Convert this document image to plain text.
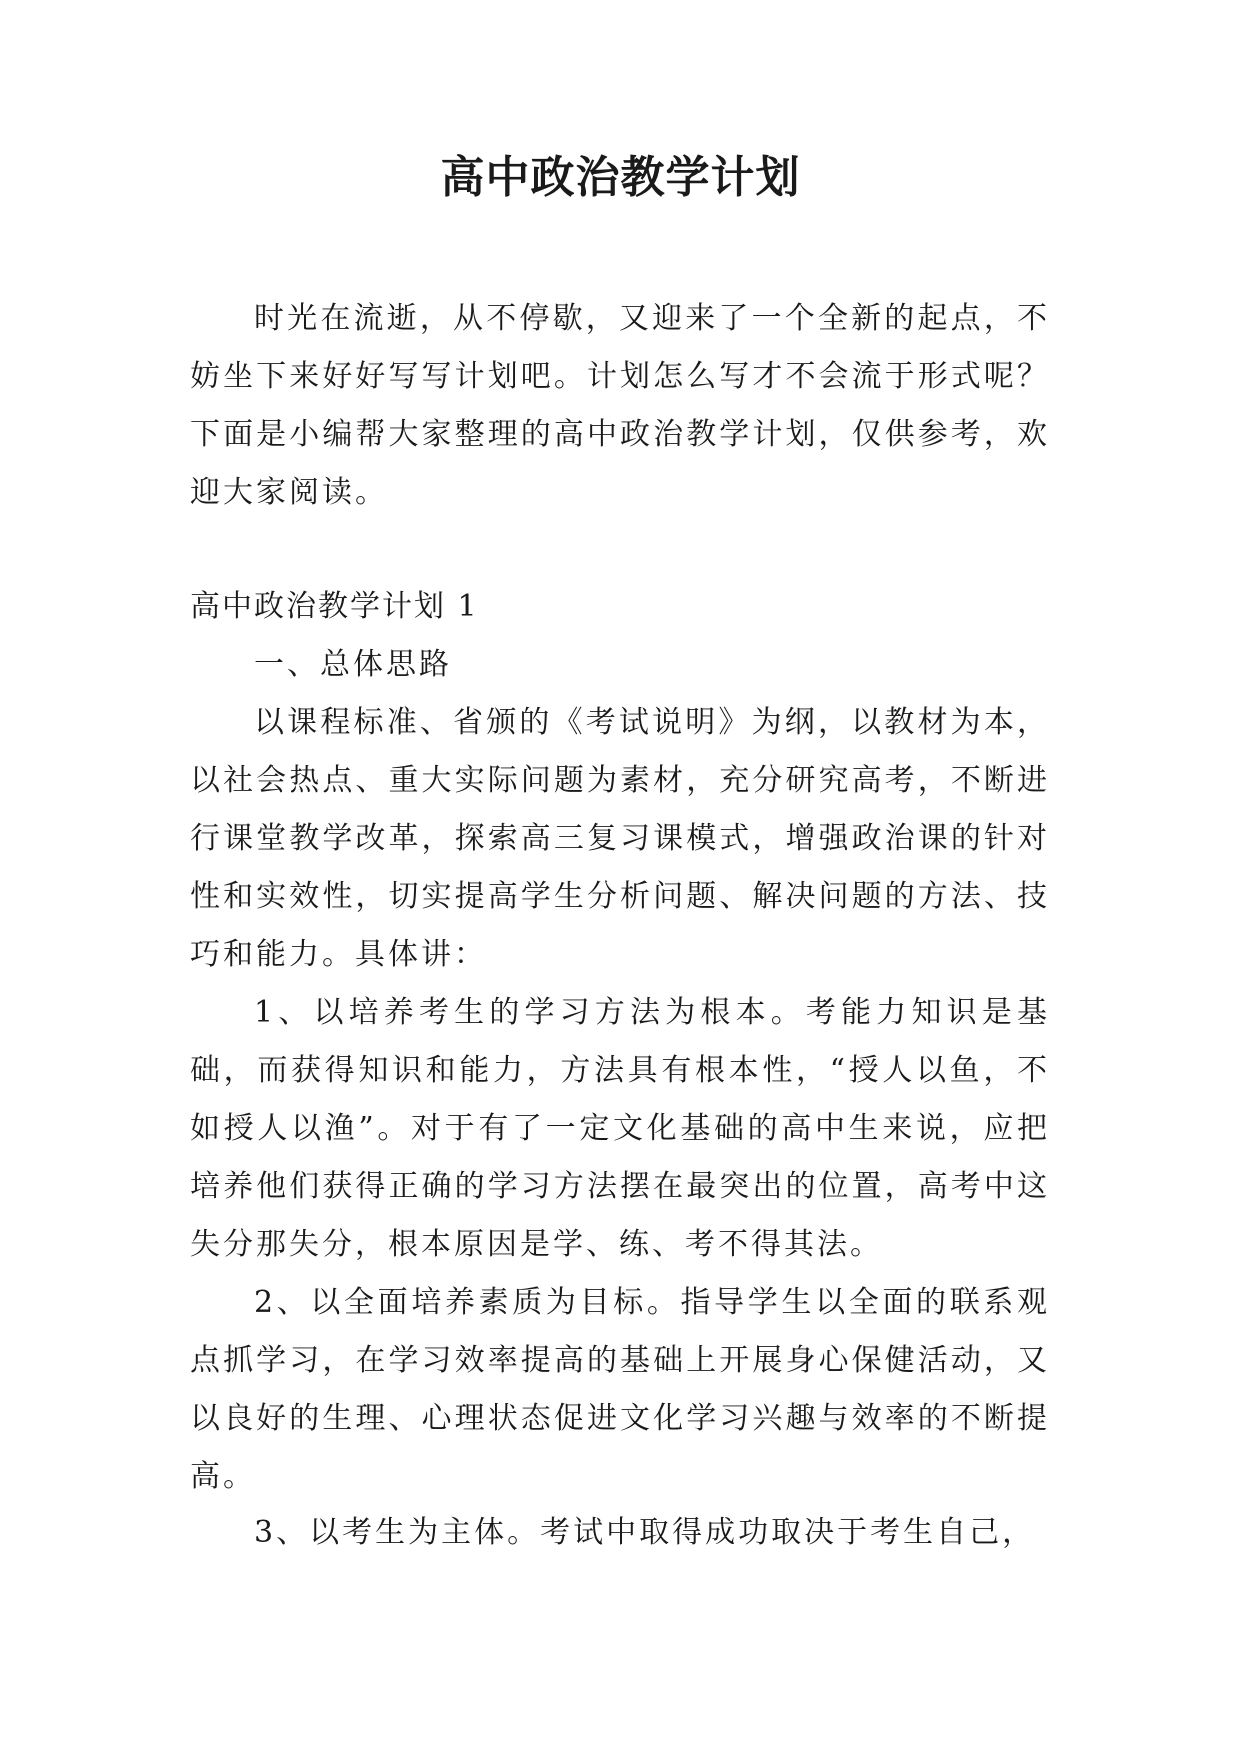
高中政治教学计划

时光在流逝，从不停歇，又迎来了一个全新的起点，不妨坐下来好好写写计划吧。计划怎么写才不会流于形式呢？下面是小编帮大家整理的高中政治教学计划，仅供参考，欢迎大家阅读。

高中政治教学计划 1

一、总体思路

以课程标准、省颁的《考试说明》为纲，以教材为本，以社会热点、重大实际问题为素材，充分研究高考，不断进行课堂教学改革，探索高三复习课模式，增强政治课的针对性和实效性，切实提高学生分析问题、解决问题的方法、技巧和能力。具体讲：

1、以培养考生的学习方法为根本。考能力知识是基础，而获得知识和能力，方法具有根本性，“授人以鱼，不如授人以渔”。对于有了一定文化基础的高中生来说，应把培养他们获得正确的学习方法摆在最突出的位置，高考中这失分那失分，根本原因是学、练、考不得其法。

2、以全面培养素质为目标。指导学生以全面的联系观点抓学习，在学习效率提高的基础上开展身心保健活动，又以良好的生理、心理状态促进文化学习兴趣与效率的不断提高。

3、以考生为主体。考试中取得成功取决于考生自己，
